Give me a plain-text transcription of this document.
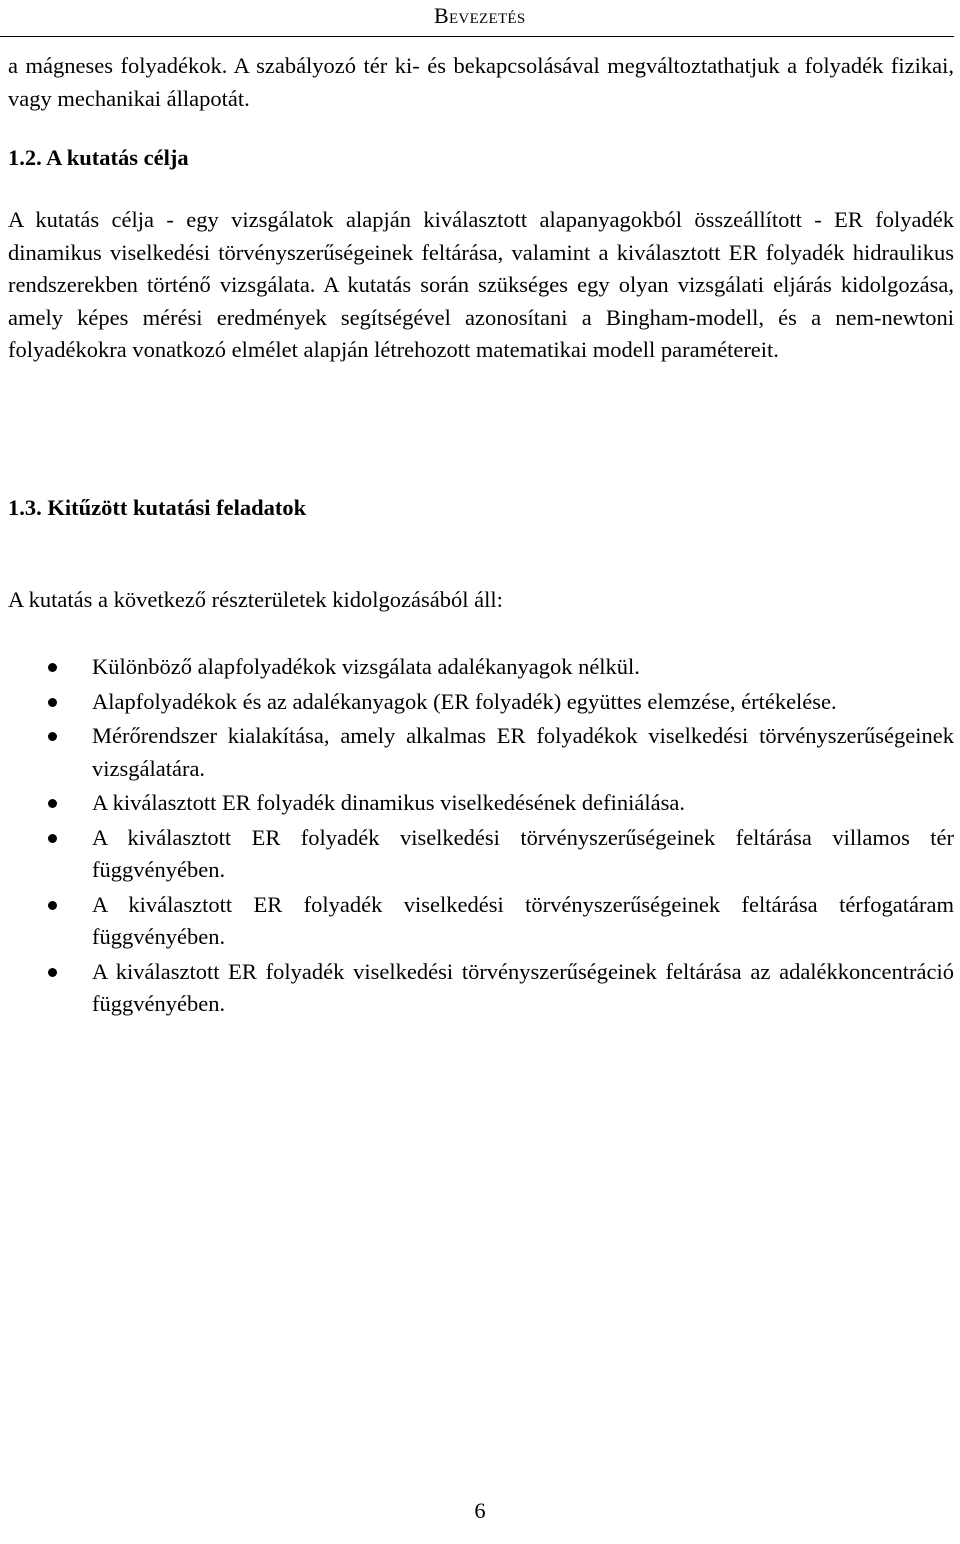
Bevezetés

a mágneses folyadékok. A szabályozó tér ki- és bekapcsolásával megváltoztathatjuk a folyadék fizikai, vagy mechanikai állapotát.

1.2. A kutatás célja

A kutatás célja - egy vizsgálatok alapján kiválasztott alapanyagokból összeállított - ER folyadék dinamikus viselkedési törvényszerűségeinek feltárása, valamint a kiválasztott ER folyadék hidraulikus rendszerekben történő vizsgálata. A kutatás során szükséges egy olyan vizsgálati eljárás kidolgozása, amely képes mérési eredmények segítségével azonosítani a Bingham-modell, és a nem-newtoni folyadékokra vonatkozó elmélet alapján létrehozott matematikai modell paramétereit.

1.3. Kitűzött kutatási feladatok

A kutatás a következő részterületek kidolgozásából áll:

Különböző alapfolyadékok vizsgálata adalékanyagok nélkül.
Alapfolyadékok és az adalékanyagok (ER folyadék) együttes elemzése, értékelése.
Mérőrendszer kialakítása, amely alkalmas ER folyadékok viselkedési törvényszerűségeinek vizsgálatára.
A kiválasztott ER folyadék dinamikus viselkedésének definiálása.
A kiválasztott ER folyadék viselkedési törvényszerűségeinek feltárása villamos tér függvényében.
A kiválasztott ER folyadék viselkedési törvényszerűségeinek feltárása térfogatáram függvényében.
A kiválasztott ER folyadék viselkedési törvényszerűségeinek feltárása az adalékkoncentráció függvényében.
6
